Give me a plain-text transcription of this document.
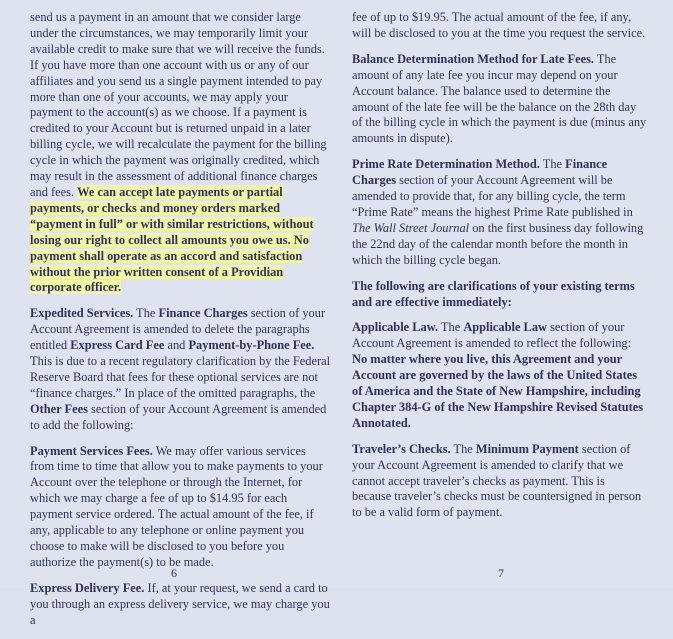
send us a payment in an amount that we consider large under the circumstances, we may temporarily limit your available credit to make sure that we will receive the funds. If you have more than one account with us or any of our affiliates and you send us a single payment intended to pay more than one of your accounts, we may apply your payment to the account(s) as we choose. If a payment is credited to your Account but is returned unpaid in a later billing cycle, we will recalculate the payment for the billing cycle in which the payment was originally credited, which may result in the assessment of additional finance charges and fees. We can accept late payments or partial payments, or checks and money orders marked “payment in full” or with similar restrictions, without losing our right to collect all amounts you owe us. No payment shall operate as an accord and satisfaction without the prior written consent of a Providian corporate officer.

Expedited Services. The Finance Charges section of your Account Agreement is amended to delete the paragraphs entitled Express Card Fee and Payment-by-Phone Fee. This is due to a recent regulatory clarification by the Federal Reserve Board that fees for these optional services are not “finance charges.” In place of the omitted paragraphs, the Other Fees section of your Account Agreement is amended to add the following:

Payment Services Fees. We may offer various services from time to time that allow you to make payments to your Account over the telephone or through the Internet, for which we may charge a fee of up to $14.95 for each payment service ordered. The actual amount of the fee, if any, applicable to any telephone or online payment you choose to make will be disclosed to you before you authorize the payment(s) to be made.

Express Delivery Fee. If, at your request, we send a card to you through an express delivery service, we may charge you a

fee of up to $19.95. The actual amount of the fee, if any, will be disclosed to you at the time you request the service.

Balance Determination Method for Late Fees. The amount of any late fee you incur may depend on your Account balance. The balance used to determine the amount of the late fee will be the balance on the 28th day of the billing cycle in which the payment is due (minus any amounts in dispute).

Prime Rate Determination Method. The Finance Charges section of your Account Agreement will be amended to provide that, for any billing cycle, the term “Prime Rate” means the highest Prime Rate published in The Wall Street Journal on the first business day following the 22nd day of the calendar month before the month in which the billing cycle began.

The following are clarifications of your existing terms and are effective immediately:

Applicable Law. The Applicable Law section of your Account Agreement is amended to reflect the following: No matter where you live, this Agreement and your Account are governed by the laws of the United States of America and the State of New Hampshire, including Chapter 384-G of the New Hampshire Revised Statutes Annotated.

Traveler’s Checks. The Minimum Payment section of your Account Agreement is amended to clarify that we cannot accept traveler’s checks as payment. This is because traveler’s checks must be countersigned in person to be a valid form of payment.

6	7
